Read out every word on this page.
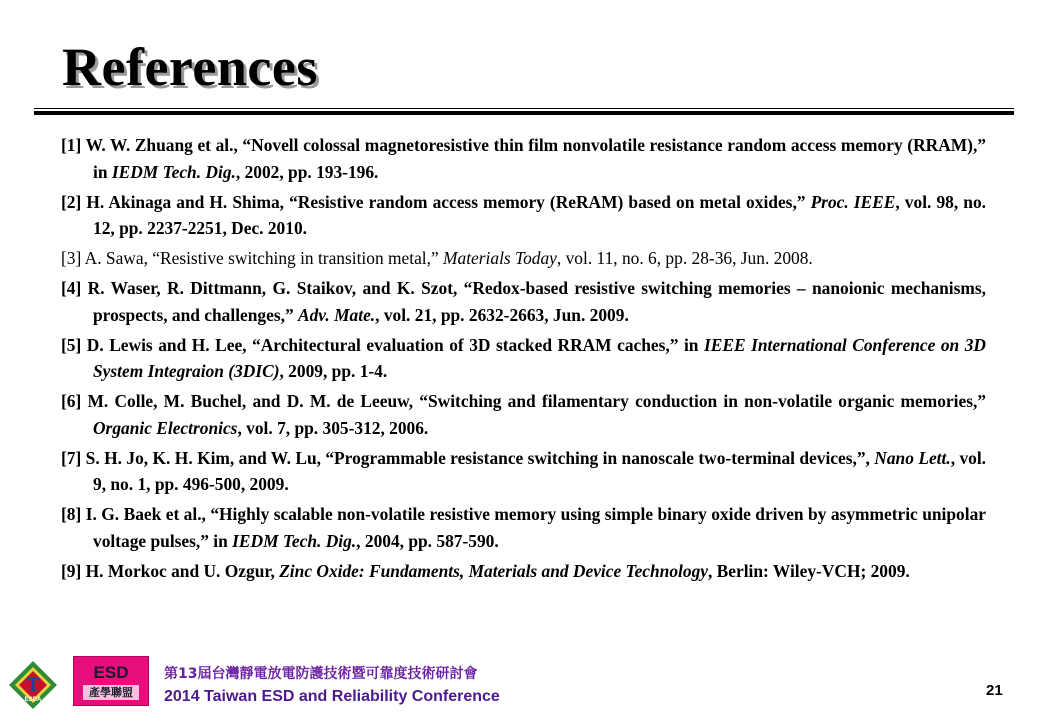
References
[1] W. W. Zhuang et al., “Novell colossal magnetoresistive thin film nonvolatile resistance random access memory (RRAM),” in IEDM Tech. Dig., 2002, pp. 193-196.
[2] H. Akinaga and H. Shima, “Resistive random access memory (ReRAM) based on metal oxides,” Proc. IEEE, vol. 98, no. 12, pp. 2237-2251, Dec. 2010.
[3] A. Sawa, “Resistive switching in transition metal,” Materials Today, vol. 11, no. 6, pp. 28-36, Jun. 2008.
[4] R. Waser, R. Dittmann, G. Staikov, and K. Szot, “Redox-based resistive switching memories – nanoionic mechanisms, prospects, and challenges,” Adv. Mate., vol. 21, pp. 2632-2663, Jun. 2009.
[5] D. Lewis and H. Lee, “Architectural evaluation of 3D stacked RRAM caches,” in IEEE International Conference on 3D System Integraion (3DIC), 2009, pp. 1-4.
[6] M. Colle, M. Buchel, and D. M. de Leeuw, “Switching and filamentary conduction in non-volatile organic memories,” Organic Electronics, vol. 7, pp. 305-312, 2006.
[7] S. H. Jo, K. H. Kim, and W. Lu, “Programmable resistance switching in nanoscale two-terminal devices,”, Nano Lett., vol. 9, no. 1, pp. 496-500, 2009.
[8] I. G. Baek et al., “Highly scalable non-volatile resistive memory using simple binary oxide driven by asymmetric unipolar voltage pulses,” in IEDM Tech. Dig., 2004, pp. 587-590.
[9] H. Morkoc and U. Ozgur, Zinc Oxide: Fundaments, Materials and Device Technology, Berlin: Wiley-VCH; 2009.
T
ESDA
ESD
產學聯盟
第13屆台灣靜電放電防護技術暨可靠度技術研討會
2014 Taiwan ESD and Reliability Conference	21
